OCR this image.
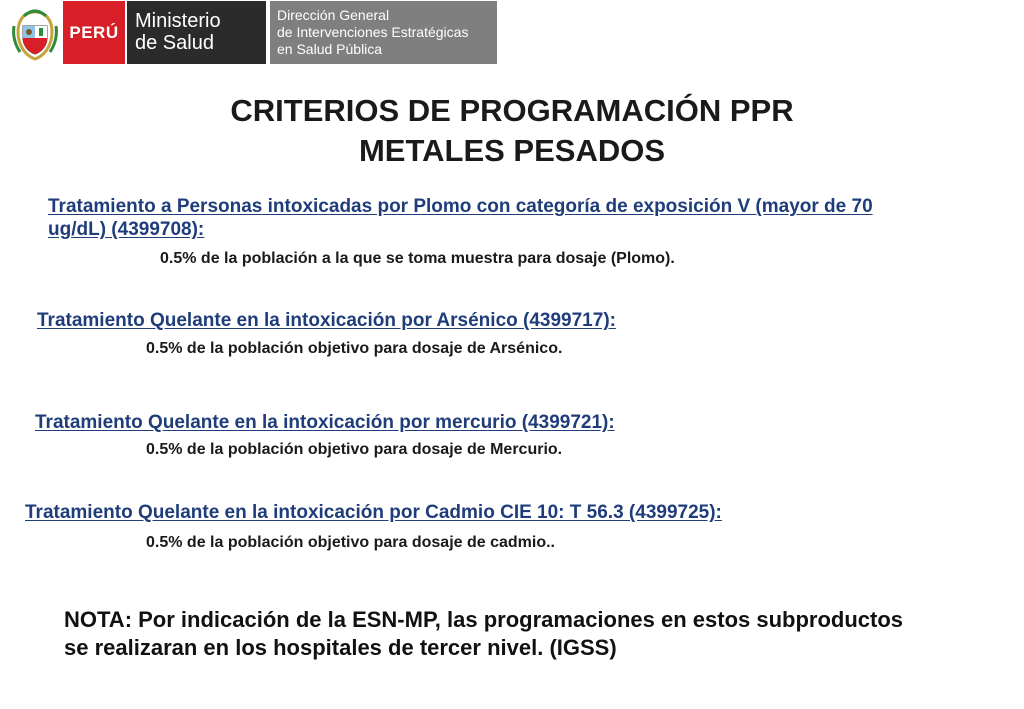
PERÚ Ministerio
de Salud
Dirección General
de Intervenciones Estratégicas
en Salud Pública
CRITERIOS DE PROGRAMACIÓN PPR
METALES PESADOS
Tratamiento a Personas intoxicadas por Plomo con categoría de exposición V (mayor de 70
ug/dL) (4399708):
0.5% de la población a la que se toma muestra para dosaje (Plomo).
Tratamiento Quelante en la intoxicación por Arsénico (4399717):
0.5% de la población objetivo para dosaje de Arsénico.
Tratamiento Quelante en la intoxicación por mercurio (4399721):
0.5% de la población objetivo para dosaje de Mercurio.
Tratamiento Quelante en la intoxicación por Cadmio CIE 10: T 56.3 (4399725):
0.5% de la población objetivo para dosaje de cadmio..
NOTA: Por indicación de la ESN-MP, las programaciones en estos subproductos
se realizaran en los hospitales de tercer nivel. (IGSS)
